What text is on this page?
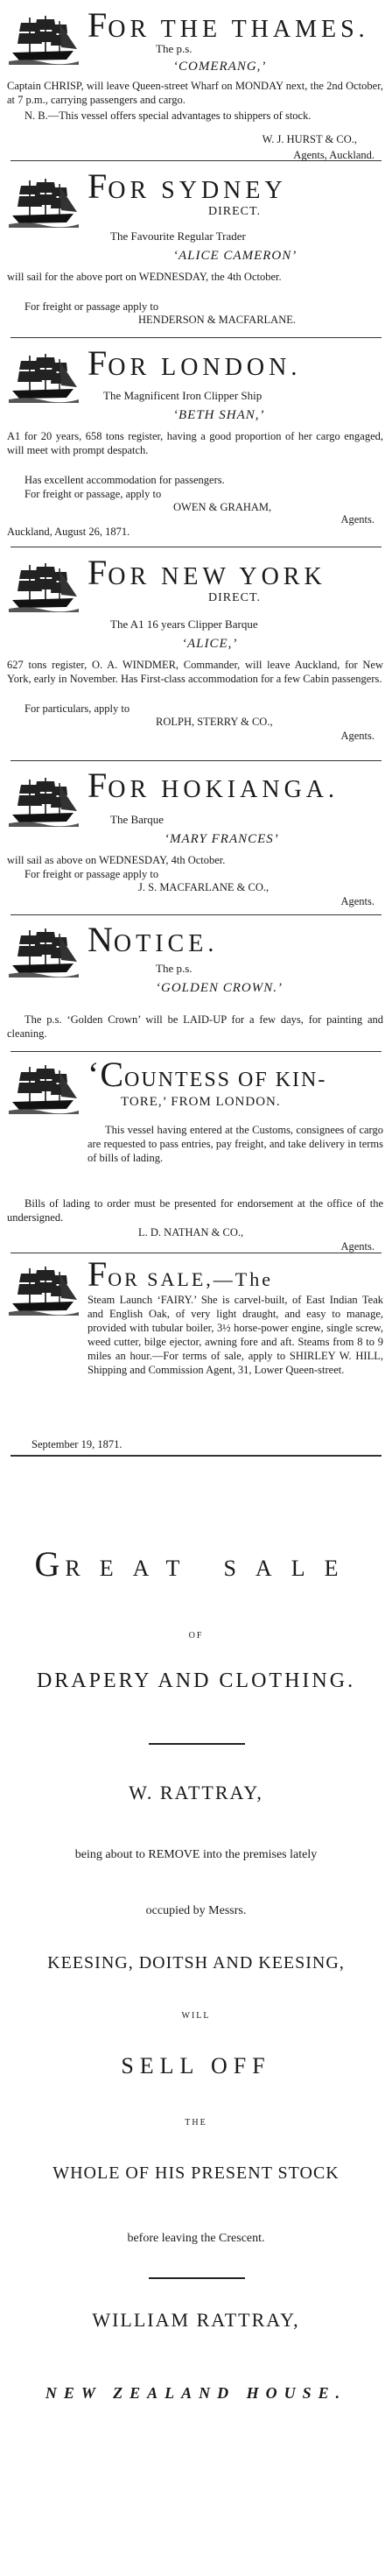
FOR THE THAMES.
The p.s.
‘COMERANG,’
Captain CHRISP, will leave Queen-street Wharf on MONDAY next, the 2nd October, at 7 p.m., carrying passengers and cargo.
N. B.—This vessel offers special advantages to shippers of stock.
W. J. HURST & CO.,
Agents, Auckland.
FOR SYDNEY
DIRECT.
The Favourite Regular Trader
‘ALICE CAMERON’
will sail for the above port on WEDNESDAY, the 4th October.
For freight or passage apply to
HENDERSON & MACFARLANE.
FOR LONDON.
The Magnificent Iron Clipper Ship
‘BETH SHAN,’
A1 for 20 years, 658 tons register, having a good proportion of her cargo engaged, will meet with prompt despatch.
Has excellent accommodation for passengers.
For freight or passage, apply to
OWEN & GRAHAM,
Agents.
Auckland, August 26, 1871.
FOR NEW YORK
DIRECT.
The A1 16 years Clipper Barque
‘ALICE,’
627 tons register, O. A. WINDMER, Commander, will leave Auckland, for New York, early in November. Has First-class accommodation for a few Cabin passengers.
For particulars, apply to
ROLPH, STERRY & CO.,
Agents.
FOR HOKIANGA.
The Barque
‘MARY FRANCES’
will sail as above on WEDNESDAY, 4th October.
For freight or passage apply to
J. S. MACFARLANE & CO.,
Agents.
NOTICE.
The p.s.
‘GOLDEN CROWN.’
The p.s. ‘Golden Crown’ will be LAID-UP for a few days, for painting and cleaning.
‘COUNTESS OF KIN-
TORE,’ FROM LONDON.
This vessel having entered at the Customs, consignees of cargo are requested to pass entries, pay freight, and take delivery in terms of bills of lading.
Bills of lading to order must be presented for endorsement at the office of the undersigned.
L. D. NATHAN & CO.,
Agents.
FOR SALE,—The
Steam Launch ‘FAIRY.’ She is carvel-built, of East Indian Teak and English Oak, of very light draught, and easy to manage, provided with tubular boiler, 3½ horse-power engine, single screw, weed cutter, bilge ejector, awning fore and aft. Steams from 8 to 9 miles an hour.—For terms of sale, apply to SHIRLEY W. HILL, Shipping and Commission Agent, 31, Lower Queen-street.
September 19, 1871.
GREAT SALE
OF
DRAPERY AND CLOTHING.
W. RATTRAY,
being about to REMOVE into the premises lately
occupied by Messrs.
KEESING, DOITSH AND KEESING,
WILL
SELL OFF
THE
WHOLE OF HIS PRESENT STOCK
before leaving the Crescent.
WILLIAM RATTRAY,
NEW ZEALAND HOUSE.
